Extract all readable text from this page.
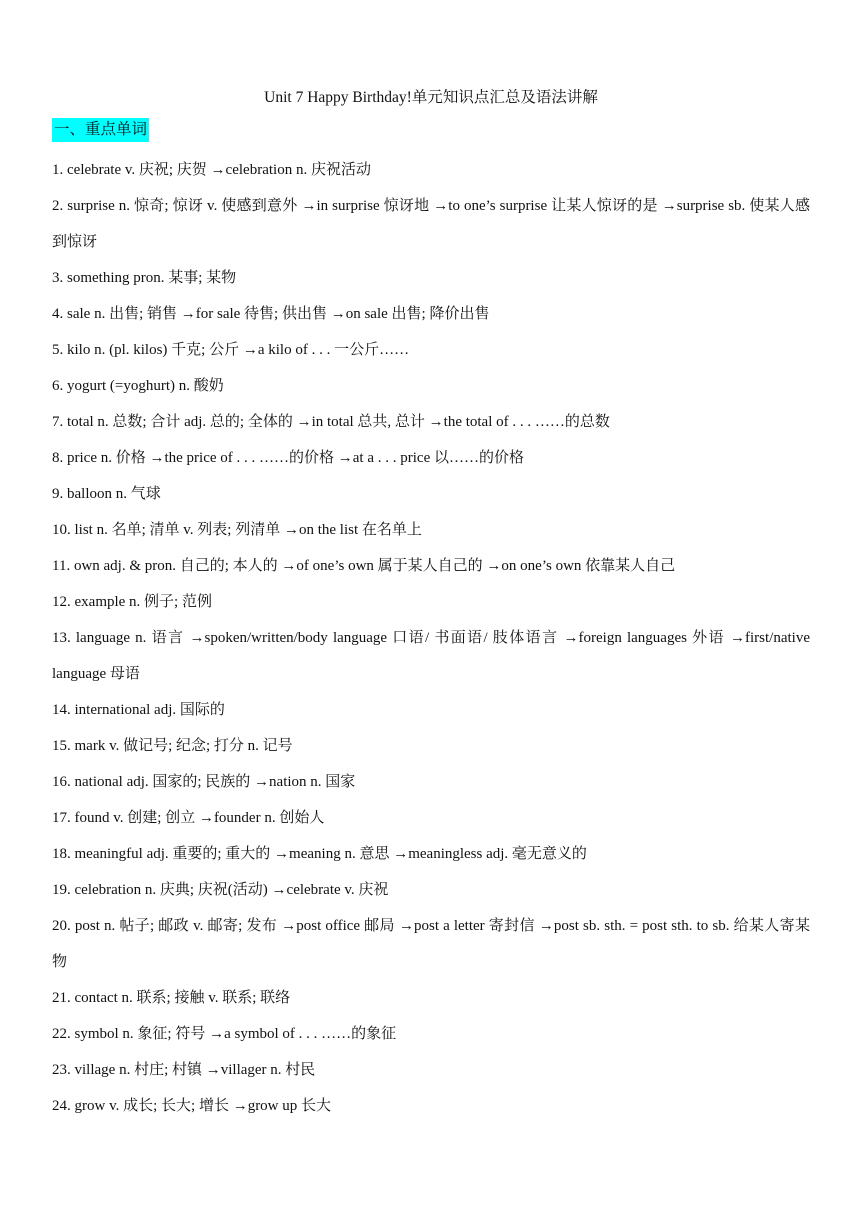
Unit 7 Happy Birthday!单元知识点汇总及语法讲解
一、重点单词
1. celebrate v. 庆祝; 庆贺 →celebration n. 庆祝活动
2. surprise n. 惊奇; 惊讶 v. 使感到意外 →in surprise 惊讶地 →to one’s surprise 让某人惊讶的是 →surprise sb. 使某人感到惊讶
3. something pron. 某事; 某物
4. sale n. 出售; 销售 →for sale 待售; 供出售 →on sale 出售; 降价出售
5. kilo n. (pl. kilos) 千克; 公斤 →a kilo of . . . 一公斤……
6. yogurt (=yoghurt) n. 酸奶
7. total n. 总数; 合计 adj. 总的; 全体的 →in total 总共, 总计 →the total of . . . ……的总数
8. price n. 价格 →the price of . . . ……的价格 →at a . . . price 以……的价格
9. balloon n. 气球
10. list n. 名单; 清单 v. 列表; 列清单 →on the list 在名单上
11. own adj. & pron. 自己的; 本人的 →of one’s own 属于某人自己的 →on one’s own 依靠某人自己
12. example n. 例子; 范例
13. language n. 语言 →spoken/written/body language 口语/ 书面语/ 肢体语言 →foreign languages 外语 →first/native language 母语
14. international adj. 国际的
15. mark v. 做记号; 纪念; 打分 n. 记号
16. national adj. 国家的; 民族的 →nation n. 国家
17. found v. 创建; 创立 →founder n. 创始人
18. meaningful adj. 重要的; 重大的 →meaning n. 意思 →meaningless adj. 毫无意义的
19. celebration n. 庆典; 庆祝(活动) →celebrate v. 庆祝
20. post n. 帖子; 邮政 v. 邮寄; 发布 →post office 邮局 →post a letter 寄封信 →post sb. sth. = post sth. to sb. 给某人寄某物
21. contact n. 联系; 接触 v. 联系; 联络
22. symbol n. 象征; 符号 →a symbol of . . . ……的象征
23. village n. 村庄; 村镇 →villager n. 村民
24. grow v. 成长; 长大; 增长 →grow up 长大
